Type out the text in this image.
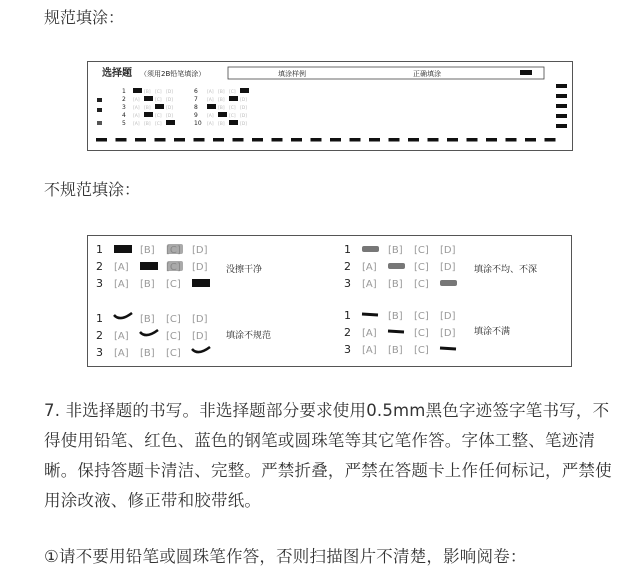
规范填涂：
选择题 （须用2B铅笔填涂）	填涂样例	正确填涂
1	[B] [C] [D]
2 [A]	[C] [D]
3 [A] [B]	[D]
4 [A]	[C] [D]
5 [A] [B] [C]
6 [A] [B] [C]
7 [A] [B]	[D]
8	[B] [C] [D]
9 [A]	[C] [D]
10 [A] [B]	[D]
不规范填涂：
1	[B] [C] [D]
2 [A]	[C] [D]
3 [A] [B] [C]
1	[B] [C] [D]
2 [A]	[C] [D]
3 [A] [B] [C]
1	[B] [C] [D]
2 [A]	[C] [D]
3 [A] [B] [C]
1	[B] [C] [D]
2 [A]	[C] [D]
3 [A] [B] [C]
没擦干净	填涂不均、不深
填涂不规范	填涂不满
7. 非选择题的书写。非选择题部分要求使用0.5mm黑色字迹签字笔书写，不得使用铅笔、红色、蓝色的钢笔或圆珠笔等其它笔作答。字体工整、笔迹清晰。保持答题卡清洁、完整。严禁折叠，严禁在答题卡上作任何标记，严禁使用涂改液、修正带和胶带纸。
①请不要用铅笔或圆珠笔作答，否则扫描图片不清楚，影响阅卷：
